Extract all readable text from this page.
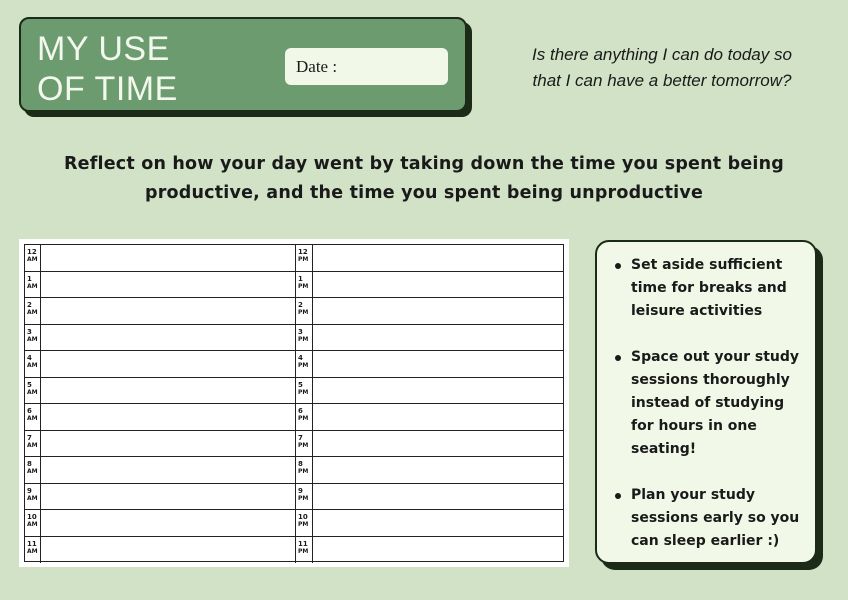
MY USE
OF TIME
Date :
Is there anything I can do today so
that I can have a better tomorrow?
Reflect on how your day went by taking down the time you spent being
productive, and the time you spent being unproductive
12
AM
12
PM
1
AM
1
PM
2
AM
2
PM
3
AM
3
PM
4
AM
4
PM
5
AM
5
PM
6
AM
6
PM
7
AM
7
PM
8
AM
8
PM
9
AM
9
PM
10
AM
10
PM
11
AM
11
PM
Set aside sufficient time for breaks and leisure activities
Space out your study sessions thoroughly instead of studying for hours in one seating!
Plan your study sessions early so you can sleep earlier :)
